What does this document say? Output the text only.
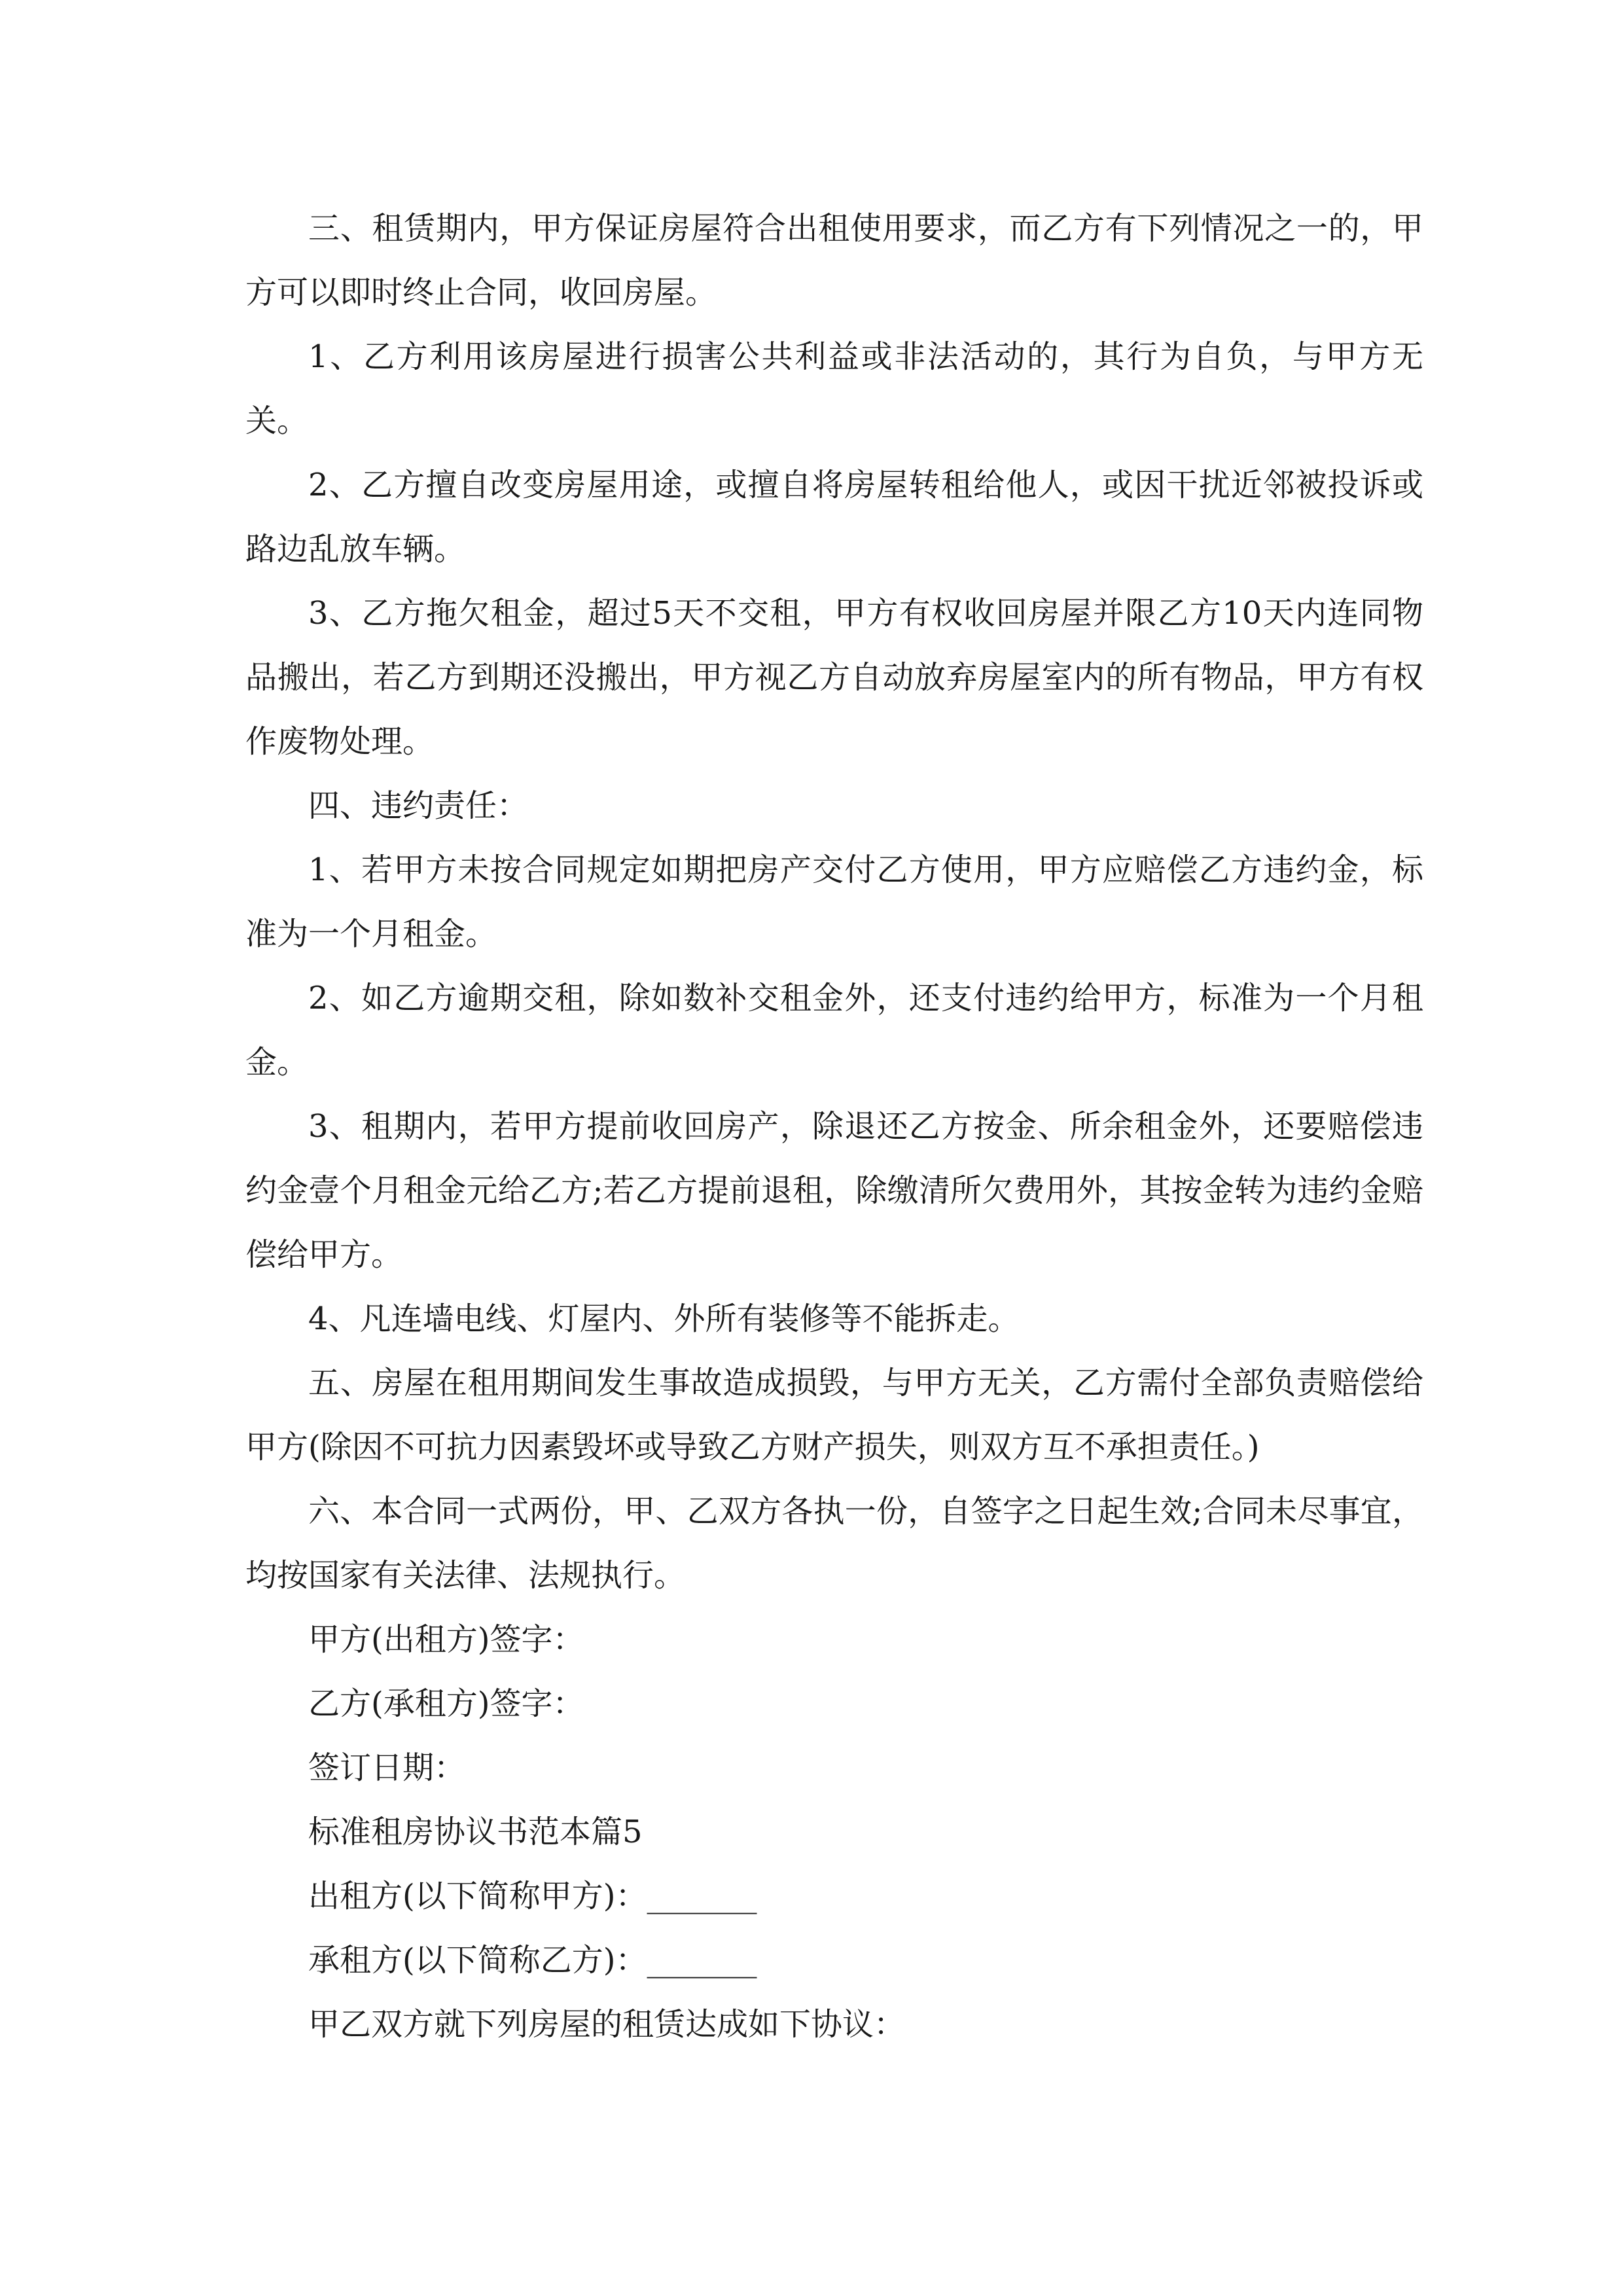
三、租赁期内，甲方保证房屋符合出租使用要求，而乙方有下列情况之一的，甲方可以即时终止合同，收回房屋。

1、乙方利用该房屋进行损害公共利益或非法活动的，其行为自负，与甲方无关。

2、乙方擅自改变房屋用途，或擅自将房屋转租给他人，或因干扰近邻被投诉或路边乱放车辆。

3、乙方拖欠租金，超过5天不交租，甲方有权收回房屋并限乙方10天内连同物品搬出，若乙方到期还没搬出，甲方视乙方自动放弃房屋室内的所有物品，甲方有权作废物处理。

四、违约责任：

1、若甲方未按合同规定如期把房产交付乙方使用，甲方应赔偿乙方违约金，标准为一个月租金。

2、如乙方逾期交租，除如数补交租金外，还支付违约给甲方，标准为一个月租金。

3、租期内，若甲方提前收回房产，除退还乙方按金、所余租金外，还要赔偿违约金壹个月租金元给乙方;若乙方提前退租，除缴清所欠费用外，其按金转为违约金赔偿给甲方。

4、凡连墙电线、灯屋内、外所有装修等不能拆走。

五、房屋在租用期间发生事故造成损毁，与甲方无关，乙方需付全部负责赔偿给甲方(除因不可抗力因素毁坏或导致乙方财产损失，则双方互不承担责任。)

六、本合同一式两份，甲、乙双方各执一份，自签字之日起生效;合同未尽事宜，均按国家有关法律、法规执行。

甲方(出租方)签字：

乙方(承租方)签字：

签订日期：

标准租房协议书范本篇5

出租方(以下简称甲方)：_______

承租方(以下简称乙方)：_______

甲乙双方就下列房屋的租赁达成如下协议：
